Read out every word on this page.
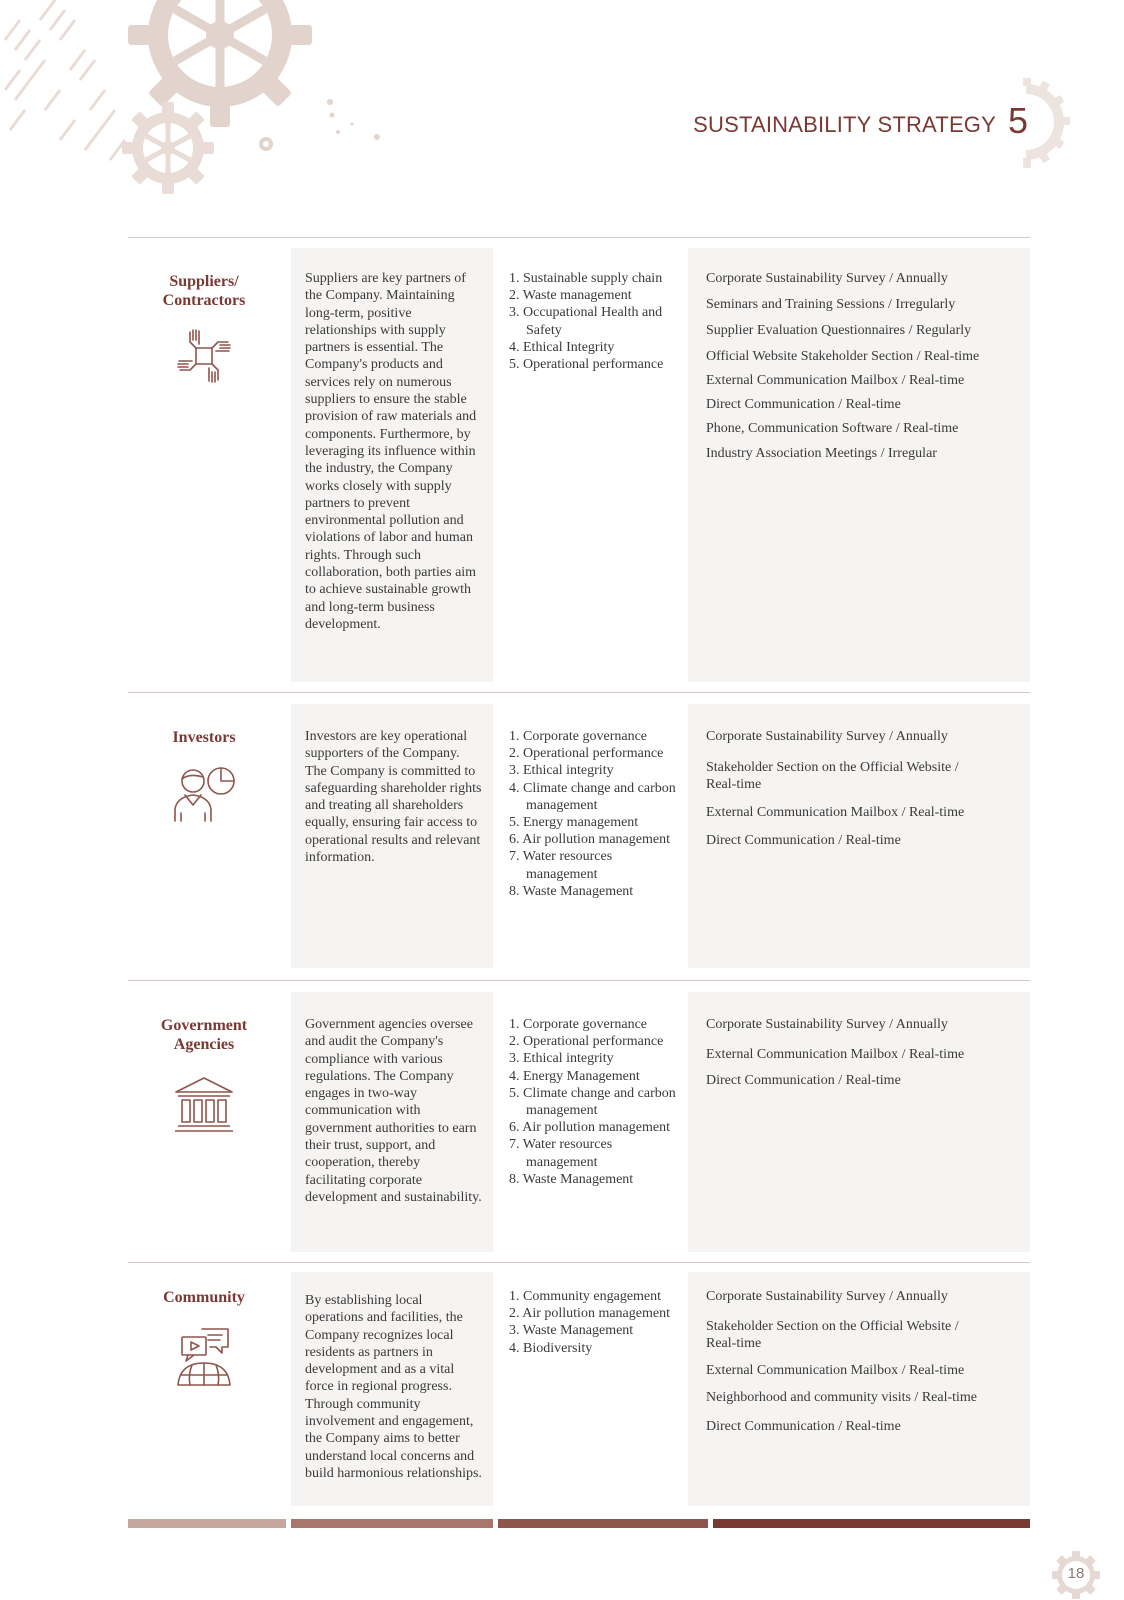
SUSTAINABILITY STRATEGY 5
Suppliers/
Contractors

Suppliers are key partners of the Company. Maintaining long-term, positive relationships with supply partners is essential. The Company's products and services rely on numerous suppliers to ensure the stable provision of raw materials and components. Furthermore, by leveraging its influence within the industry, the Company works closely with supply partners to prevent environmental pollution and violations of labor and human rights. Through such collaboration, both parties aim to achieve sustainable growth and long-term business development.

1. Sustainable supply chain
2. Waste management
3. Occupational Health and Safety
4. Ethical Integrity
5. Operational performance
Corporate Sustainability Survey / Annually
Seminars and Training Sessions / Irregularly
Supplier Evaluation Questionnaires / Regularly
Official Website Stakeholder Section / Real-time
External Communication Mailbox / Real-time
Direct Communication / Real-time
Phone, Communication Software / Real-time
Industry Association Meetings / Irregular
Investors	Investors are key operational supporters of the Company. The Company is committed to safeguarding shareholder rights and treating all shareholders equally, ensuring fair access to operational results and relevant information.

1. Corporate governance
2. Operational performance
3. Ethical integrity
4. Climate change and carbon management
5. Energy management
6. Air pollution management
7. Water resources management
8. Waste Management
Corporate Sustainability Survey / Annually
Stakeholder Section on the Official Website / Real-time
External Communication Mailbox / Real-time
Direct Communication / Real-time
Government
Agencies

Government agencies oversee and audit the Company's compliance with various regulations. The Company engages in two-way communication with government authorities to earn their trust, support, and cooperation, thereby facilitating corporate development and sustainability.

1. Corporate governance
2. Operational performance
3. Ethical integrity
4. Energy Management
5. Climate change and carbon management
6. Air pollution management
7. Water resources management
8. Waste Management
Corporate Sustainability Survey / Annually
External Communication Mailbox / Real-time
Direct Communication / Real-time
Community	By establishing local operations and facilities, the Company recognizes local residents as partners in development and as a vital force in regional progress. Through community involvement and engagement, the Company aims to better understand local concerns and build harmonious relationships.

1. Community engagement
2. Air pollution management
3. Waste Management
4. Biodiversity
Corporate Sustainability Survey / Annually
Stakeholder Section on the Official Website / Real-time
External Communication Mailbox / Real-time
Neighborhood and community visits / Real-time
Direct Communication / Real-time
18
